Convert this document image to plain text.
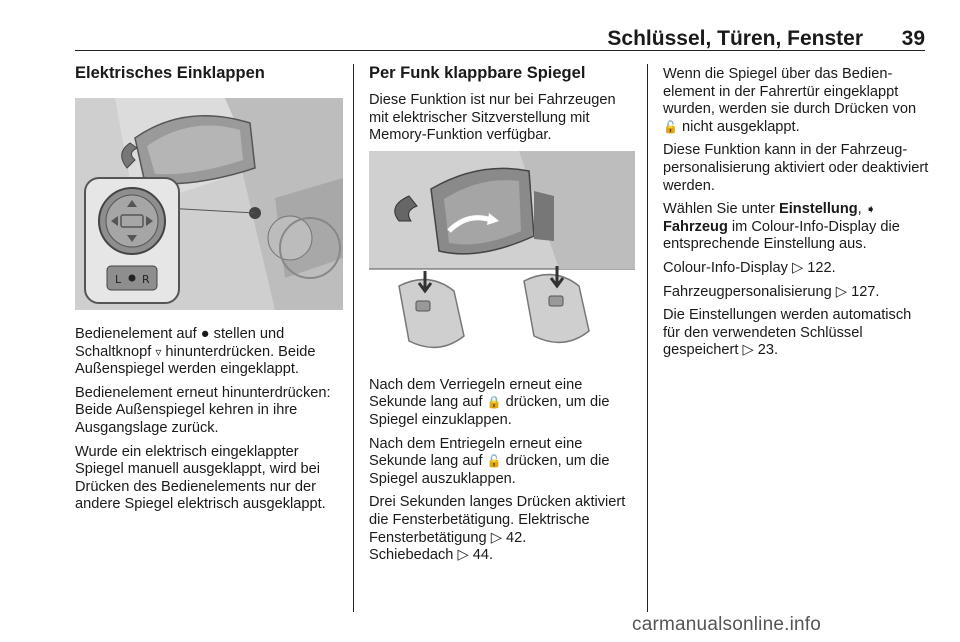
Schlüssel, Türen, Fenster 39
Elektrisches Einklappen
L R

Bedienelement auf ● stellen und Schaltknopf ▿ hinunterdrücken. Beide Außenspiegel werden eingeklappt.

Bedienelement erneut hinunterdrücken: Beide Außenspiegel kehren in ihre Ausgangslage zurück.

Wurde ein elektrisch eingeklappter Spiegel manuell ausgeklappt, wird bei Drücken des Bedienelements nur der andere Spiegel elektrisch ausgeklappt.

Per Funk klappbare Spiegel

Diese Funktion ist nur bei Fahrzeugen mit elektrischer Sitzverstellung mit Memory-Funktion verfügbar.

Nach dem Verriegeln erneut eine Sekunde lang auf 🔒 drücken, um die Spiegel einzuklappen.

Nach dem Entriegeln erneut eine Sekunde lang auf 🔓 drücken, um die Spiegel auszuklappen.

Drei Sekunden langes Drücken aktiviert die Fensterbetätigung. Elektrische Fensterbetätigung ▷ 42.
Schiebedach ▷ 44.

Wenn die Spiegel über das Bedienelement in der Fahrertür eingeklappt wurden, werden sie durch Drücken von 🔓 nicht ausgeklappt.

Diese Funktion kann in der Fahrzeugpersonalisierung aktiviert oder deaktiviert werden.

Wählen Sie unter Einstellung, ➧
Fahrzeug im Colour-Info-Display die entsprechende Einstellung aus.

Colour-Info-Display ▷ 122.

Fahrzeugpersonalisierung ▷ 127.

Die Einstellungen werden automatisch für den verwendeten Schlüssel gespeichert ▷ 23.

carmanualsonline.info
